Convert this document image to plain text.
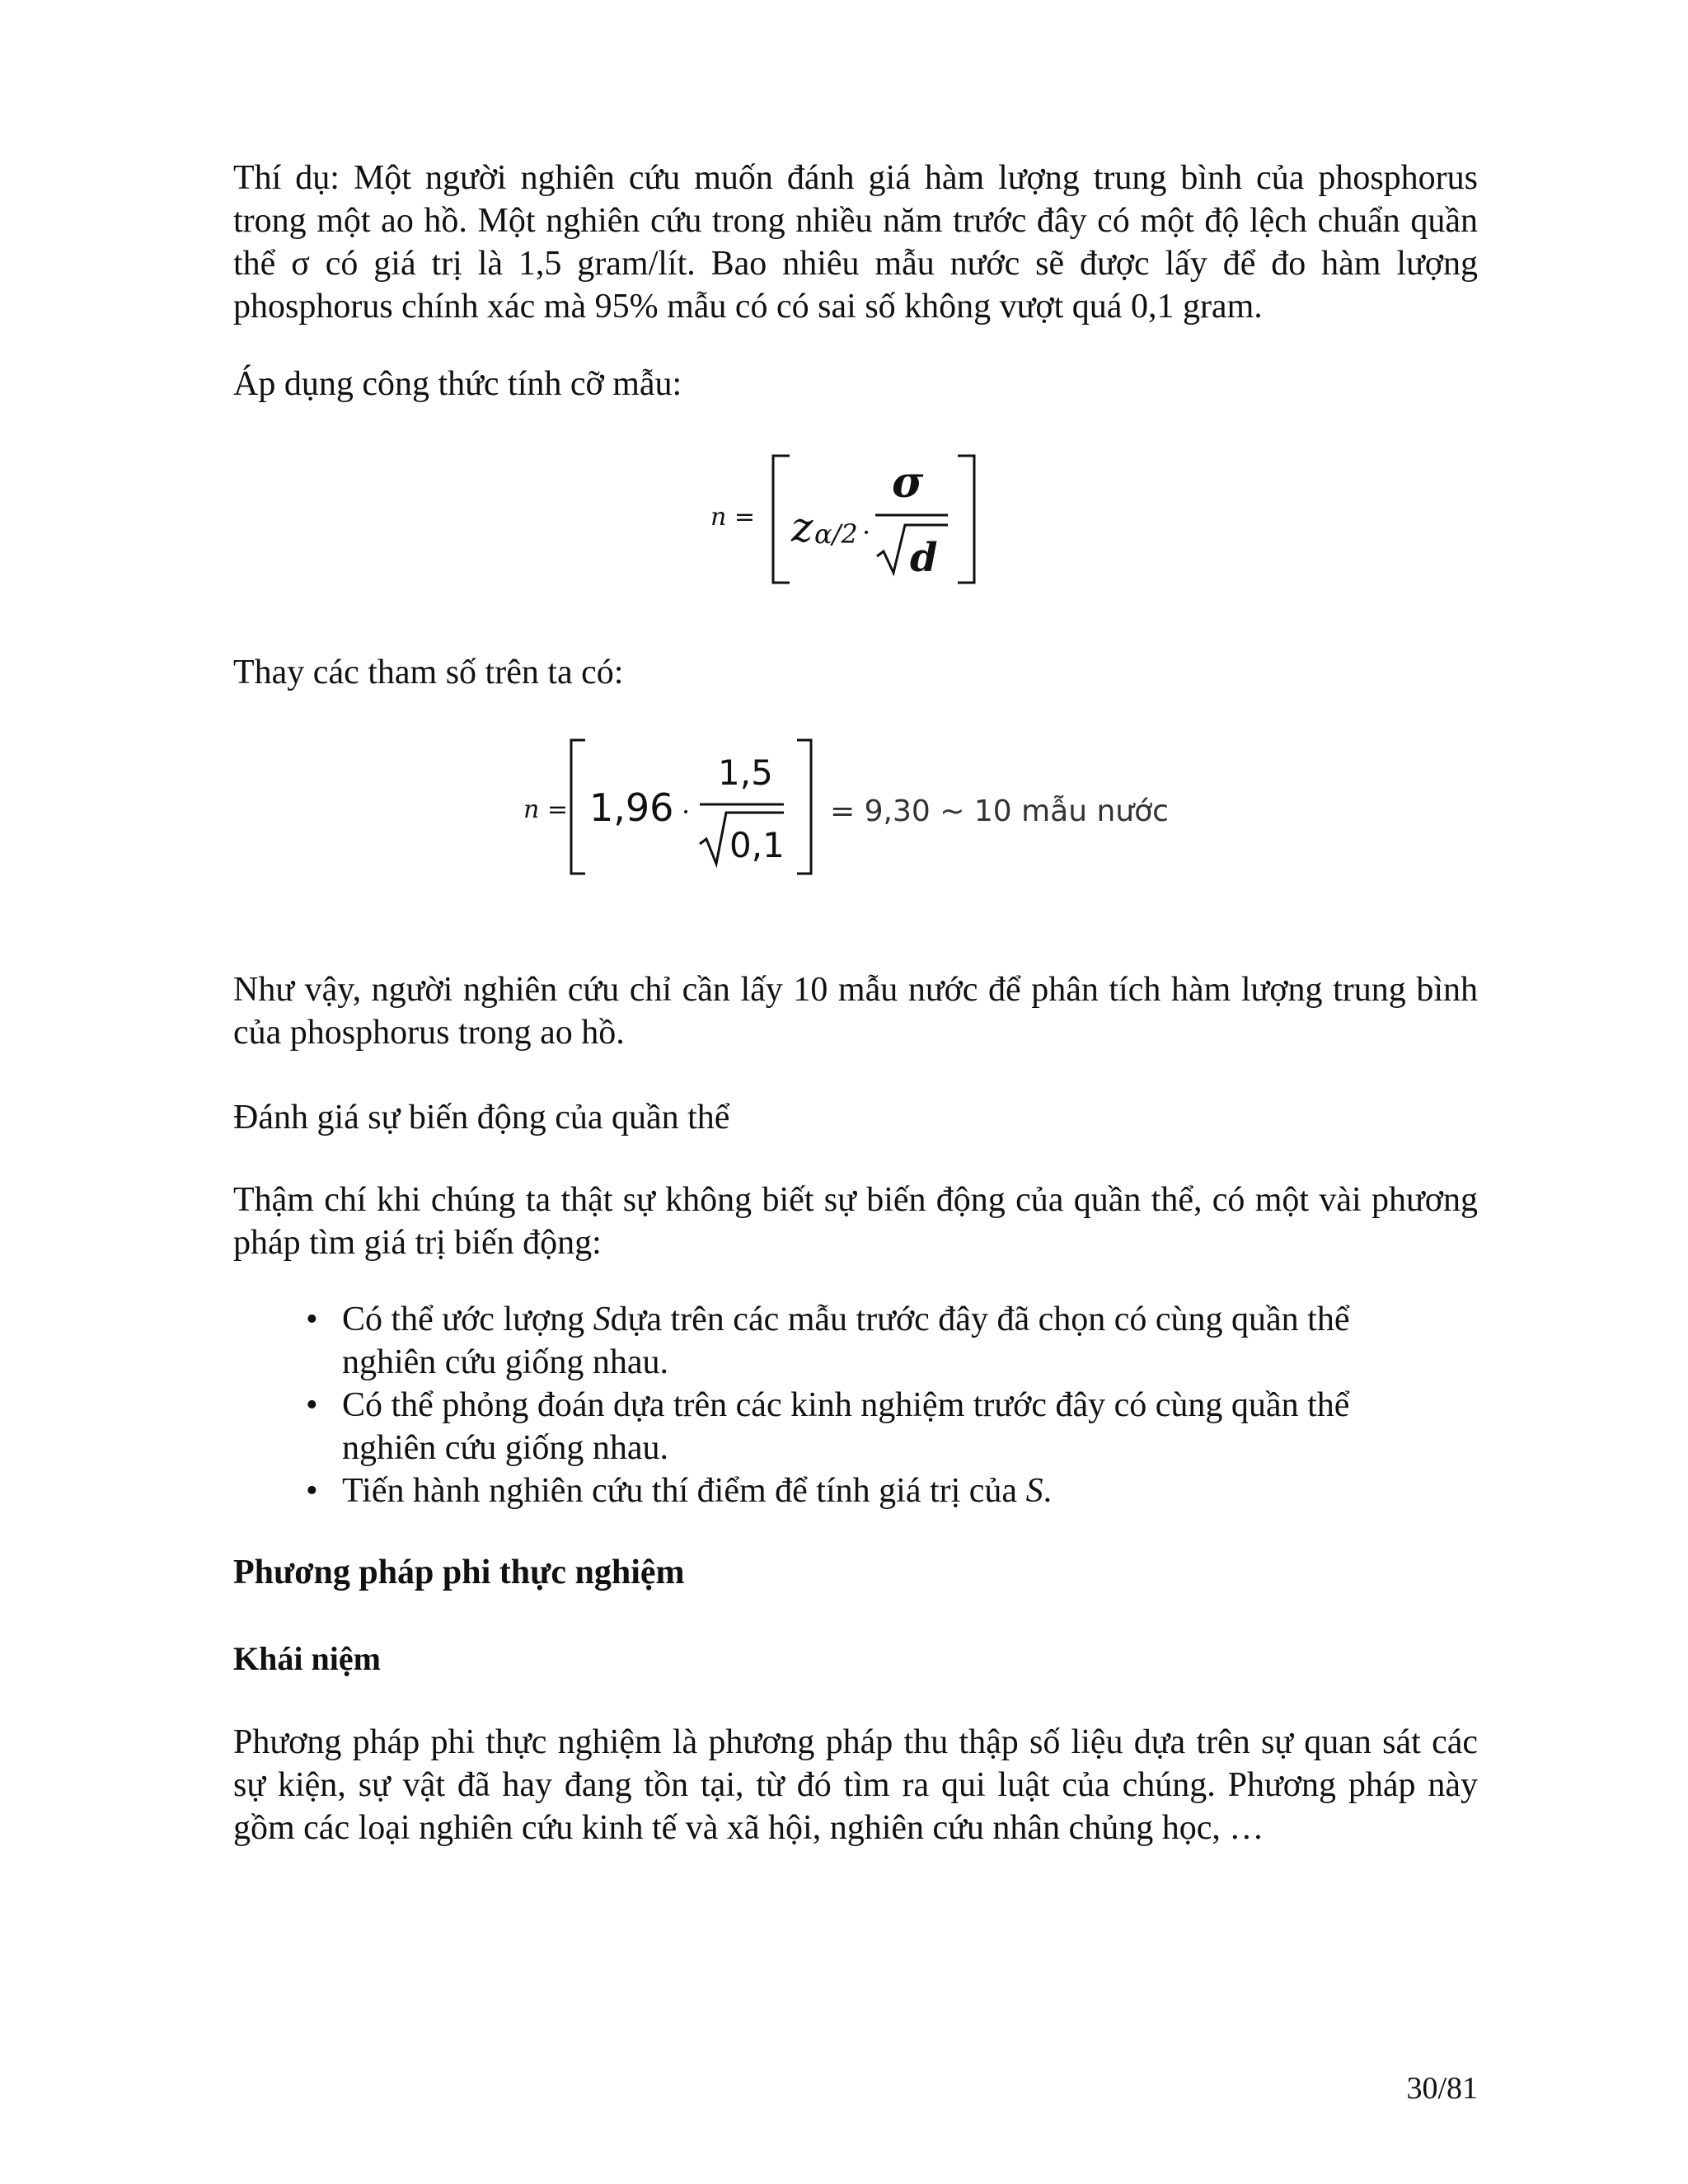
Thí dụ: Một người nghiên cứu muốn đánh giá hàm lượng trung bình của phosphorus trong một ao hồ. Một nghiên cứu trong nhiều năm trước đây có một độ lệch chuẩn quần thể σ có giá trị là 1,5 gram/lít. Bao nhiêu mẫu nước sẽ được lấy để đo hàm lượng phosphorus chính xác mà 95% mẫu có có sai số không vượt quá 0,1 gram.

Áp dụng công thức tính cỡ mẫu:

n = z α/2 ·
σ
d

Thay các tham số trên ta có:

n = 1,96 ·
1,5
0,1
= 9,30 ~ 10 mẫu nước

Như vậy, người nghiên cứu chỉ cần lấy 10 mẫu nước để phân tích hàm lượng trung bình của phosphorus trong ao hồ.

Đánh giá sự biến động của quần thể

Thậm chí khi chúng ta thật sự không biết sự biến động của quần thể, có một vài phương pháp tìm giá trị biến động:

• Có thể ước lượng Sdựa trên các mẫu trước đây đã chọn có cùng quần thể nghiên cứu giống nhau.
• Có thể phỏng đoán dựa trên các kinh nghiệm trước đây có cùng quần thể nghiên cứu giống nhau.
• Tiến hành nghiên cứu thí điểm để tính giá trị của S.
Phương pháp phi thực nghiệm
Khái niệm

Phương pháp phi thực nghiệm là phương pháp thu thập số liệu dựa trên sự quan sát các sự kiện, sự vật đã hay đang tồn tại, từ đó tìm ra qui luật của chúng. Phương pháp này gồm các loại nghiên cứu kinh tế và xã hội, nghiên cứu nhân chủng học, …

30/81
